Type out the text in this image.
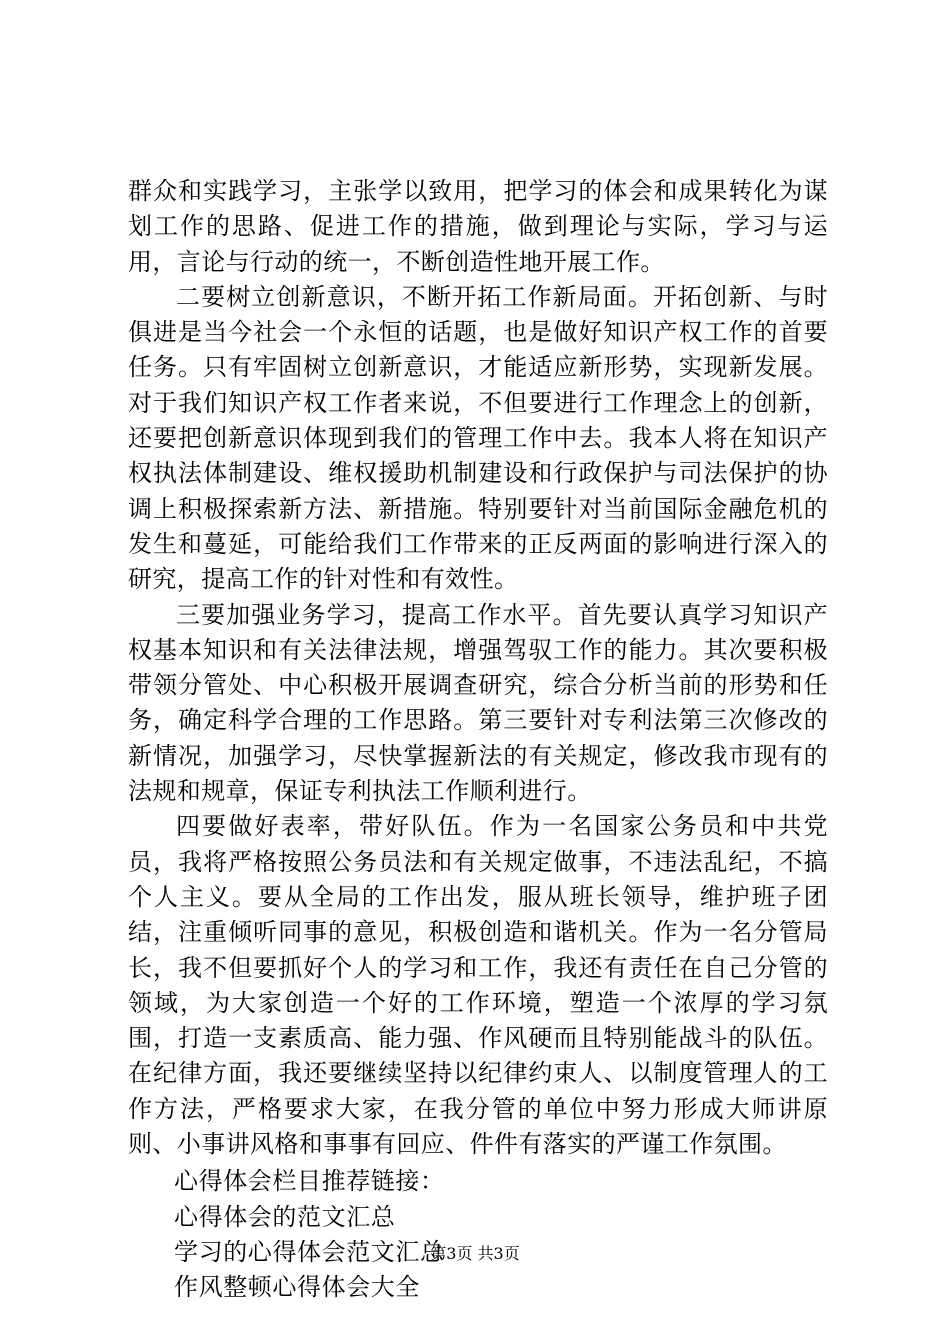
群众和实践学习，主张学以致用，把学习的体会和成果转化为谋划工作的思路、促进工作的措施，做到理论与实际，学习与运用，言论与行动的统一，不断创造性地开展工作。

二要树立创新意识，不断开拓工作新局面。开拓创新、与时俱进是当今社会一个永恒的话题，也是做好知识产权工作的首要任务。只有牢固树立创新意识，才能适应新形势，实现新发展。对于我们知识产权工作者来说，不但要进行工作理念上的创新，还要把创新意识体现到我们的管理工作中去。我本人将在知识产权执法体制建设、维权援助机制建设和行政保护与司法保护的协调上积极探索新方法、新措施。特别要针对当前国际金融危机的发生和蔓延，可能给我们工作带来的正反两面的影响进行深入的研究，提高工作的针对性和有效性。

三要加强业务学习，提高工作水平。首先要认真学习知识产权基本知识和有关法律法规，增强驾驭工作的能力。其次要积极带领分管处、中心积极开展调查研究，综合分析当前的形势和任务，确定科学合理的工作思路。第三要针对专利法第三次修改的新情况，加强学习，尽快掌握新法的有关规定，修改我市现有的法规和规章，保证专利执法工作顺利进行。

四要做好表率，带好队伍。作为一名国家公务员和中共党员，我将严格按照公务员法和有关规定做事，不违法乱纪，不搞个人主义。要从全局的工作出发，服从班长领导，维护班子团结，注重倾听同事的意见，积极创造和谐机关。作为一名分管局长，我不但要抓好个人的学习和工作，我还有责任在自己分管的领域，为大家创造一个好的工作环境，塑造一个浓厚的学习氛围，打造一支素质高、能力强、作风硬而且特别能战斗的队伍。在纪律方面，我还要继续坚持以纪律约束人、以制度管理人的工作方法，严格要求大家，在我分管的单位中努力形成大师讲原则、小事讲风格和事事有回应、件件有落实的严谨工作氛围。

心得体会栏目推荐链接：
心得体会的范文汇总
学习的心得体会范文汇总
作风整顿心得体会大全
第3页 共3页
